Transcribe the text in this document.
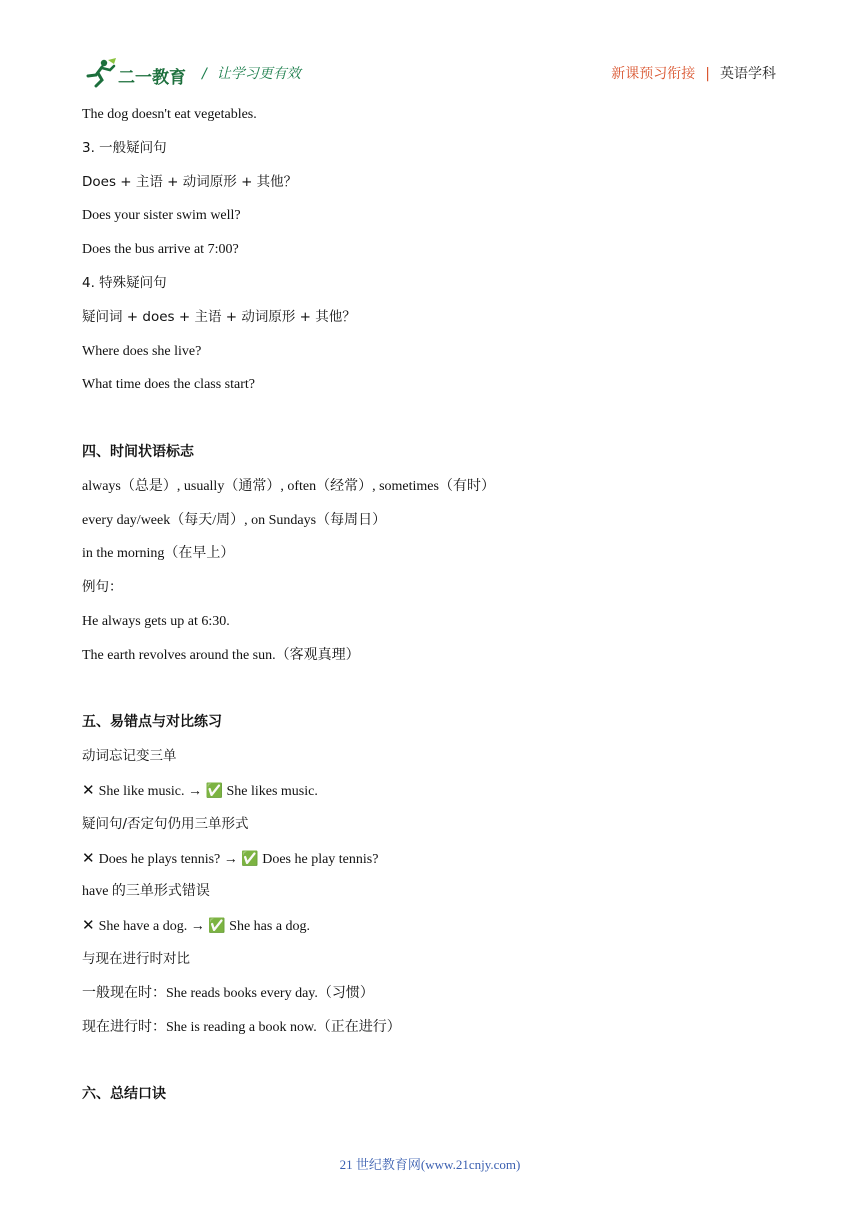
二一教育 / 让学习更有效	新课预习衔接 | 英语学科
The dog doesn't eat vegetables.
3. 一般疑问句
Does + 主语 + 动词原形 + 其他？
Does your sister swim well?
Does the bus arrive at 7:00?
4. 特殊疑问句
疑问词 + does + 主语 + 动词原形 + 其他？
Where does she live?
What time does the class start?
四、时间状语标志
always（总是）, usually（通常）, often（经常）, sometimes（有时）
every day/week（每天/周）, on Sundays（每周日）
in the morning（在早上）
例句：
He always gets up at 6:30.
The earth revolves around the sun.（客观真理）
五、易错点与对比练习
动词忘记变三单
✕ She like music. → ✅ She likes music.
疑问句/否定句仍用三单形式
✕ Does he plays tennis? → ✅ Does he play tennis?
have 的三单形式错误
✕ She have a dog. → ✅ She has a dog.
与现在进行时对比
一般现在时：She reads books every day.（习惯）
现在进行时：She is reading a book now.（正在进行）
六、总结口诀
21 世纪教育网(www.21cnjy.com)
